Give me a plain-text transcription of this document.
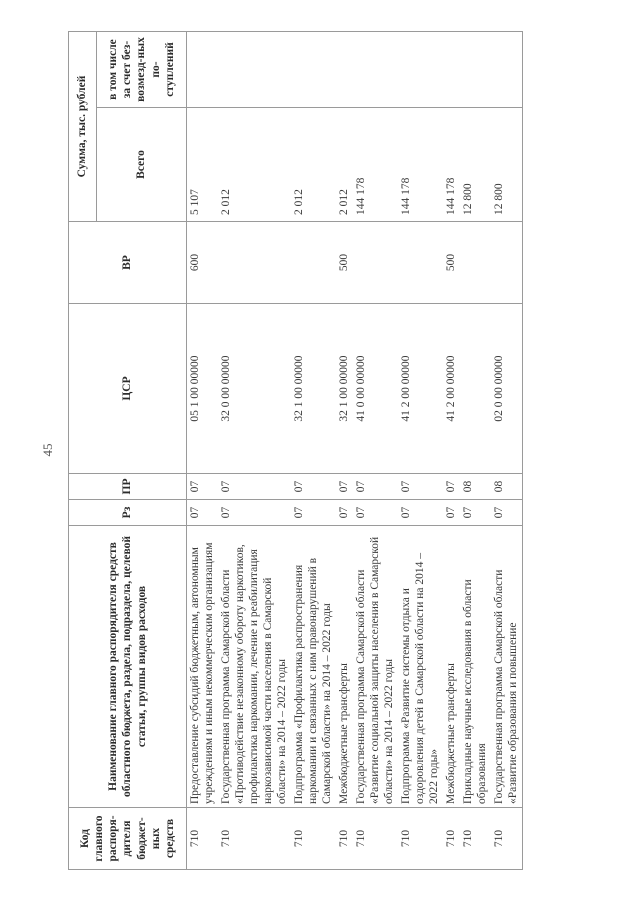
45
Код главного распоря-дителя бюджет-ных средств	Наименование главного распорядителя средств областного бюджета, раздела, подраздела, целевой статьи, группы видов расходов	Рз	ПР	ЦСР	ВР	Сумма, тыс. рублей	
						Всего	в том числе за счет без-возмезд-ных по-ступлений
710	Предоставление субсидий бюджетным, автономным учреждениям и иным некоммерческим организациям	07	07	05 1 00 00000	600	5 107	
710	Государственная программа Самарской области «Противодействие незаконному обороту наркотиков, профилактика наркомании, лечение и реабилитация наркозависимой части населения в Самарской области» на 2014 – 2022 годы	07	07	32 0 00 00000		2 012	
710	Подпрограмма «Профилактика распространения наркомании и связанных с ним правонарушений в Самарской области» на 2014 – 2022 годы	07	07	32 1 00 00000		2 012	
710	Межбюджетные трансферты	07	07	32 1 00 00000	500	2 012	
710	Государственная программа Самарской области «Развитие социальной защиты населения в Самарской области» на 2014 – 2022 годы	07	07	41 0 00 00000		144 178	
710	Подпрограмма «Развитие системы отдыха и оздоровления детей в Самарской области на 2014 – 2022 годы»	07	07	41 2 00 00000		144 178	
710	Межбюджетные трансферты	07	07	41 2 00 00000	500	144 178	
710	Прикладные научные исследования в области образования	07	08			12 800	
710	Государственная программа Самарской области «Развитие образования и повышение	07	08	02 0 00 00000		12 800	
